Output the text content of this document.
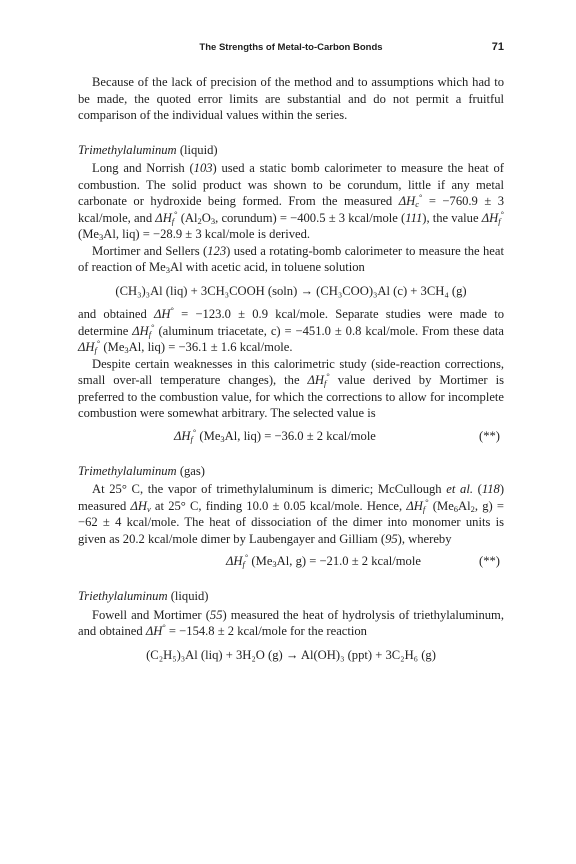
The Strengths of Metal-to-Carbon Bonds	71

Because of the lack of precision of the method and to assumptions which had to be made, the quoted error limits are substantial and do not permit a fruitful comparison of the individual values within the series.

Trimethylaluminum (liquid)

Long and Norrish (103) used a static bomb calorimeter to measure the heat of combustion. The solid product was shown to be corundum, little if any metal carbonate or hydroxide being formed. From the measured $\Delta H_c^\circ = -760.9 \pm 3$ kcal/mole, and $\Delta H_f^\circ$ ($Al_2O_3$, corundum) = −400.5 ± 3 kcal/mole (111), the value $\Delta H_f^\circ$ ($Me_3Al$, liq) = −28.9 ± 3 kcal/mole is derived.

Mortimer and Sellers (123) used a rotating-bomb calorimeter to measure the heat of reaction of $Me_3Al$ with acetic acid, in toluene solution

(CH₃)₃Al (liq) + 3CH₃COOH (soln) → (CH₃COO)₃Al (c) + 3CH₄ (g)

and obtained ΔH° = −123.0 ± 0.9 kcal/mole. Separate studies were made to determine $\Delta H_f^\circ$ (aluminum triacetate, c) = −451.0 ± 0.8 kcal/mole. From these data $\Delta H_f^\circ$ ($Me_3Al$, liq) = −36.1 ± 1.6 kcal/mole.

Despite certain weaknesses in this calorimetric study (side-reaction corrections, small over-all temperature changes), the $\Delta H_f^\circ$ value derived by Mortimer is preferred to the combustion value, for which the corrections to allow for incomplete combustion were somewhat arbitrary. The selected value is

$\Delta H_f^\circ$ ($Me_3Al$, liq) = −36.0 ± 2 kcal/mole	(**)
Trimethylaluminum (gas)

At 25° C, the vapor of trimethylaluminum is dimeric; McCullough et al. (118) measured $\Delta H_v$ at 25° C, finding 10.0 ± 0.05 kcal/mole. Hence, $\Delta H_f^\circ$ ($Me_6Al_2$, g) = −62 ± 4 kcal/mole. The heat of dissociation of the dimer into monomer units is given as 20.2 kcal/mole dimer by Laubengayer and Gilliam (95), whereby

$\Delta H_f^\circ$ ($Me_3Al$, g) = −21.0 ± 2 kcal/mole	(**)
Triethylaluminum (liquid)

Fowell and Mortimer (55) measured the heat of hydrolysis of triethylaluminum, and obtained ΔH° = −154.8 ± 2 kcal/mole for the reaction

(C₂H₅)₃Al (liq) + 3H₂O (g) → Al(OH)₃ (ppt) + 3C₂H₆ (g)
